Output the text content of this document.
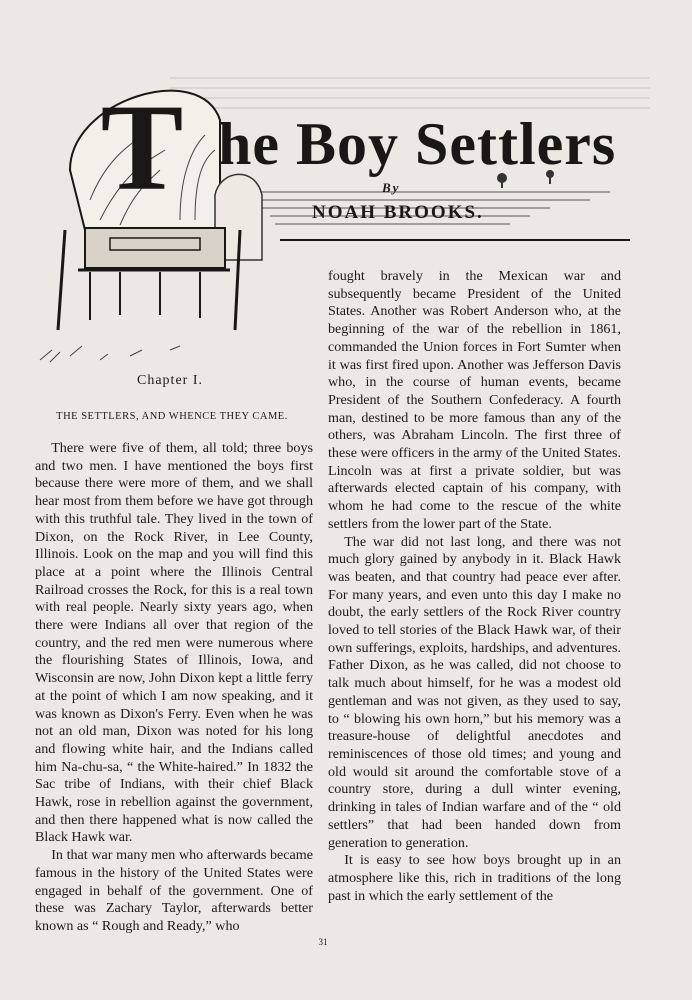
T he Boy Settlers
By
NOAH BROOKS.
Chapter I.
THE SETTLERS, AND WHENCE THEY CAME.

There were five of them, all told; three boys and two men. I have mentioned the boys first because there were more of them, and we shall hear most from them before we have got through with this truthful tale. They lived in the town of Dixon, on the Rock River, in Lee County, Illinois. Look on the map and you will find this place at a point where the Illinois Central Railroad crosses the Rock, for this is a real town with real people. Nearly sixty years ago, when there were Indians all over that region of the country, and the red men were numerous where the flourishing States of Illinois, Iowa, and Wisconsin are now, John Dixon kept a little ferry at the point of which I am now speaking, and it was known as Dixon's Ferry. Even when he was not an old man, Dixon was noted for his long and flowing white hair, and the Indians called him Na-chu-sa, “ the White-haired.” In 1832 the Sac tribe of Indians, with their chief Black Hawk, rose in rebellion against the government, and then there happened what is now called the Black Hawk war.

In that war many men who afterwards became famous in the history of the United States were engaged in behalf of the government. One of these was Zachary Taylor, afterwards better known as “ Rough and Ready,” who

fought bravely in the Mexican war and subsequently became President of the United States. Another was Robert Anderson who, at the beginning of the war of the rebellion in 1861, commanded the Union forces in Fort Sumter when it was first fired upon. Another was Jefferson Davis who, in the course of human events, became President of the Southern Confederacy. A fourth man, destined to be more famous than any of the others, was Abraham Lincoln. The first three of these were officers in the army of the United States. Lincoln was at first a private soldier, but was afterwards elected captain of his company, with whom he had come to the rescue of the white settlers from the lower part of the State.

The war did not last long, and there was not much glory gained by anybody in it. Black Hawk was beaten, and that country had peace ever after. For many years, and even unto this day I make no doubt, the early settlers of the Rock River country loved to tell stories of the Black Hawk war, of their own sufferings, exploits, hardships, and adventures. Father Dixon, as he was called, did not choose to talk much about himself, for he was a modest old gentleman and was not given, as they used to say, to “ blowing his own horn,” but his memory was a treasure-house of delightful anecdotes and reminiscences of those old times; and young and old would sit around the comfortable stove of a country store, during a dull winter evening, drinking in tales of Indian warfare and of the “ old settlers” that had been handed down from generation to generation.

It is easy to see how boys brought up in an atmosphere like this, rich in traditions of the long past in which the early settlement of the

31
